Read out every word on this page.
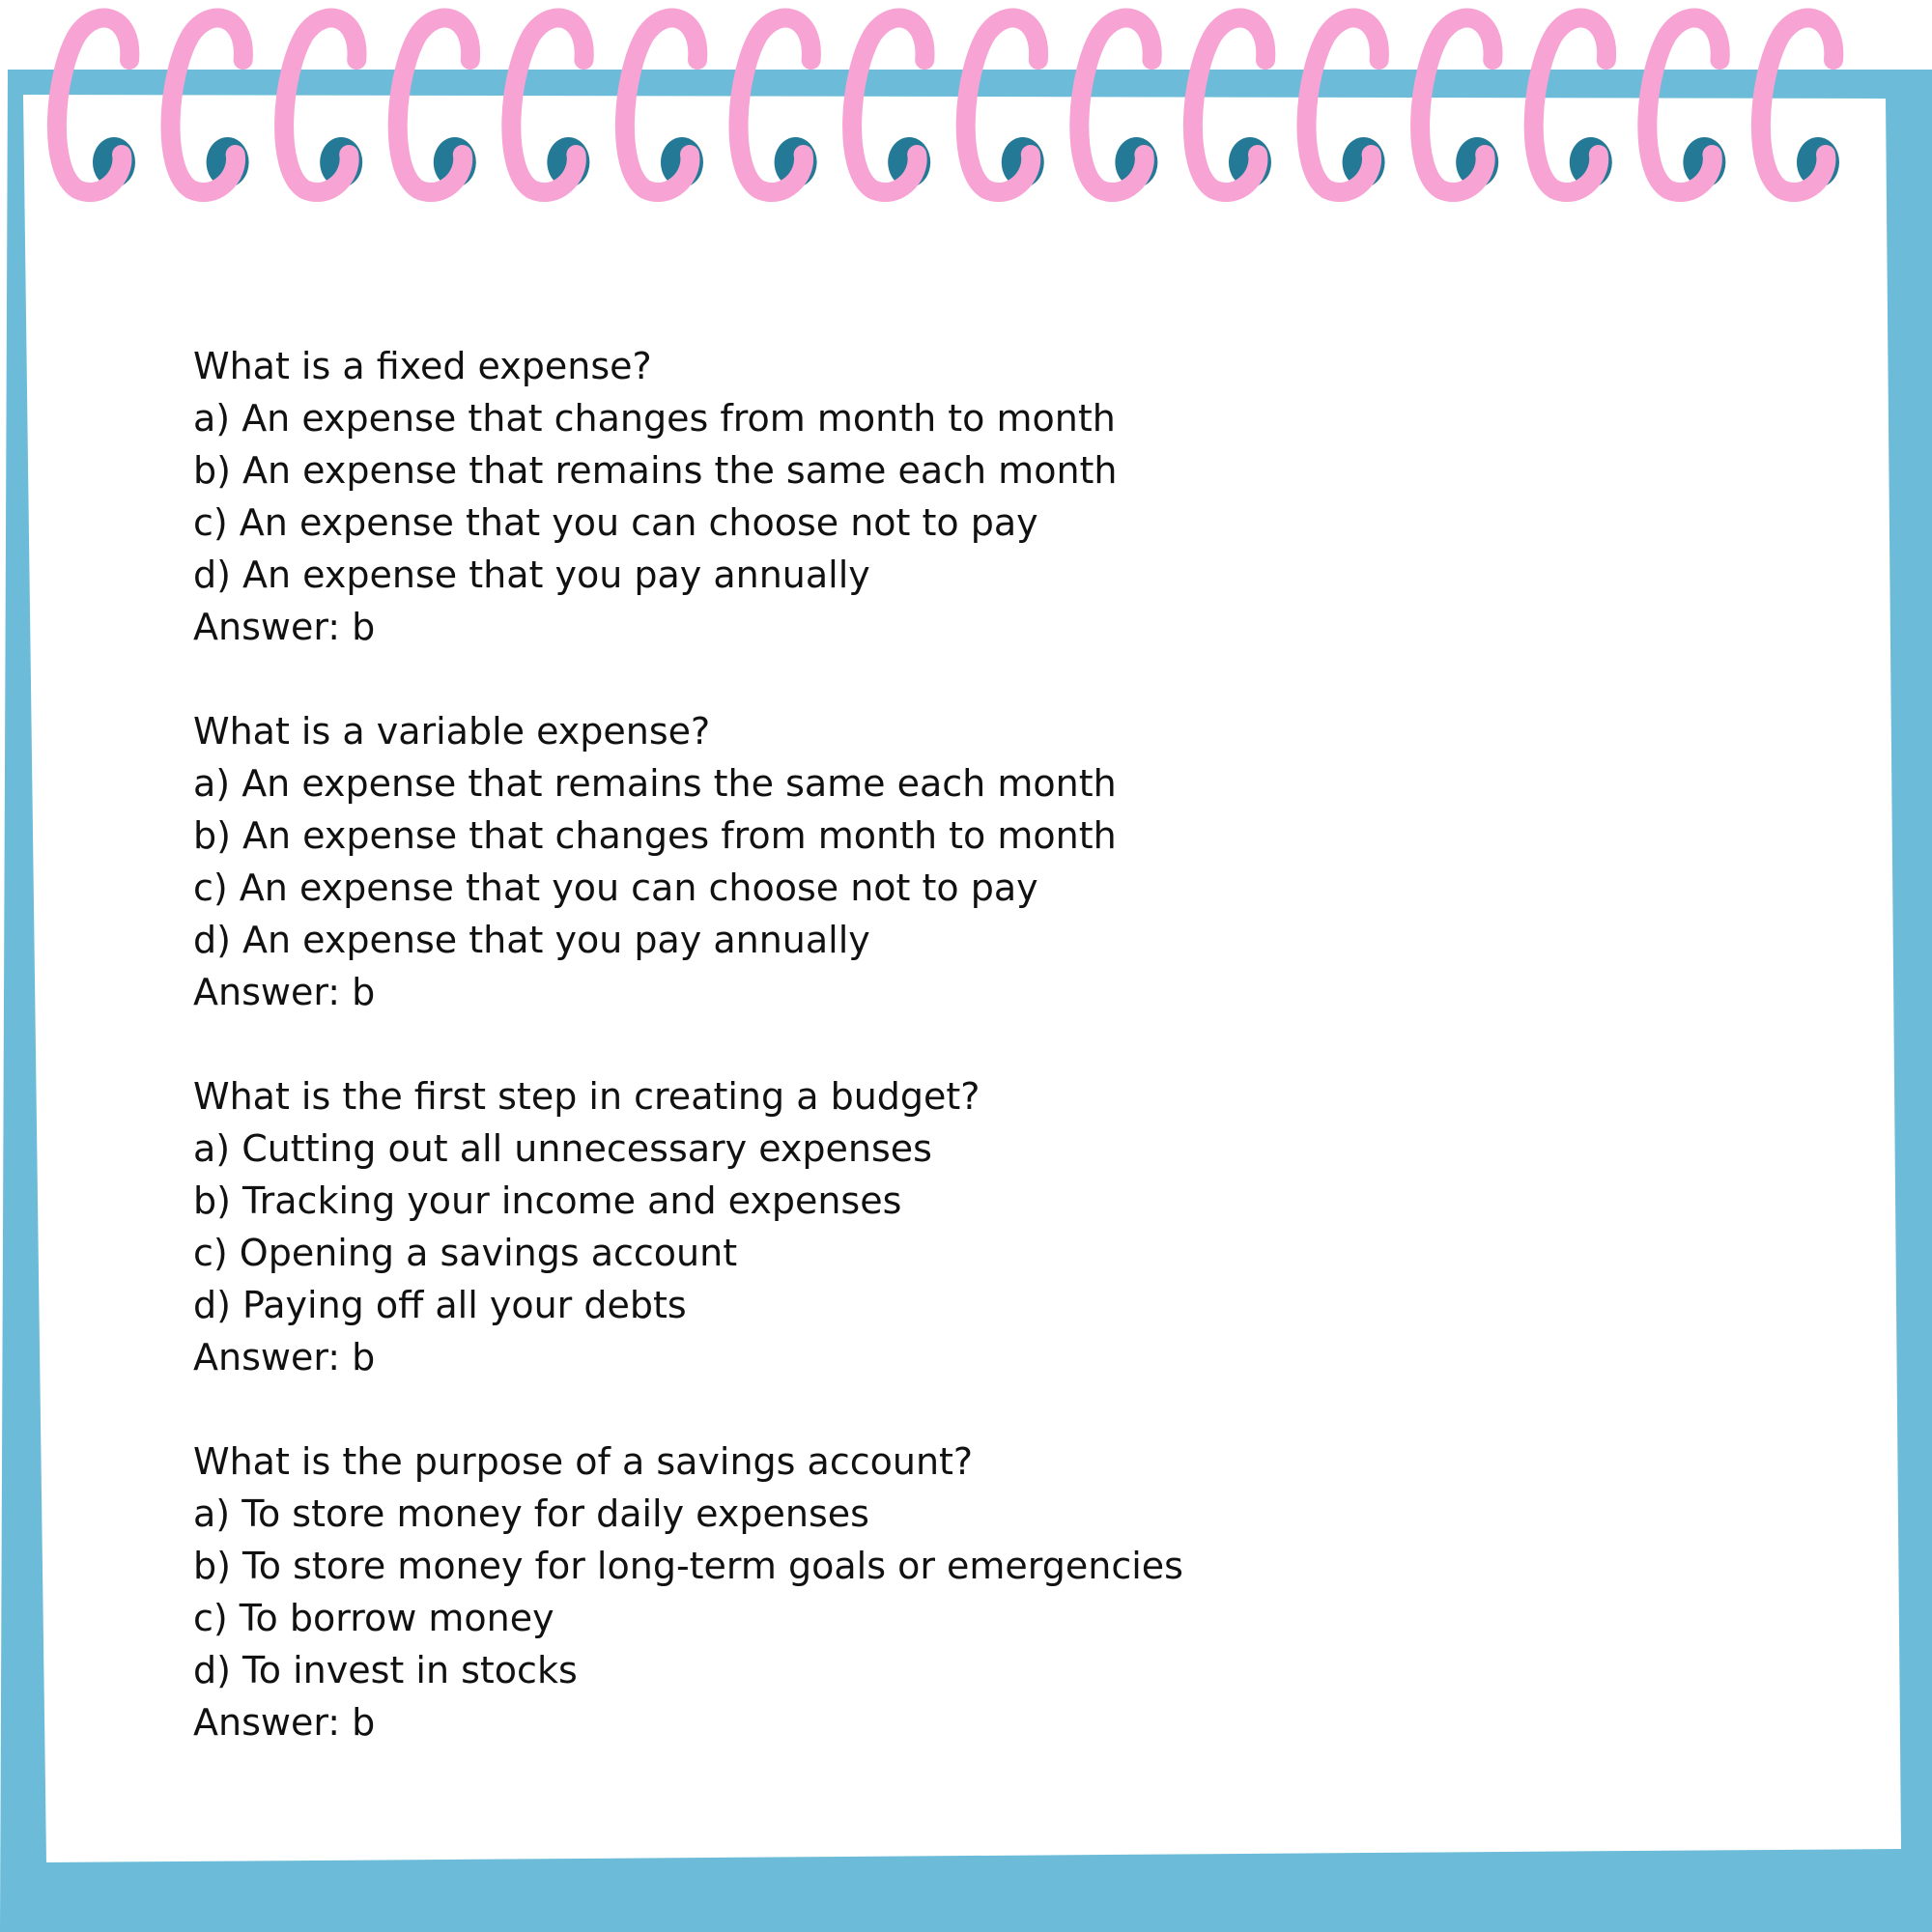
What is a fixed expense?
a) An expense that changes from month to month
b) An expense that remains the same each month
c) An expense that you can choose not to pay
d) An expense that you pay annually
Answer: b
What is a variable expense?
a) An expense that remains the same each month
b) An expense that changes from month to month
c) An expense that you can choose not to pay
d) An expense that you pay annually
Answer: b
What is the first step in creating a budget?
a) Cutting out all unnecessary expenses
b) Tracking your income and expenses
c) Opening a savings account
d) Paying off all your debts
Answer: b
What is the purpose of a savings account?
a) To store money for daily expenses
b) To store money for long-term goals or emergencies
c) To borrow money
d) To invest in stocks
Answer: b
